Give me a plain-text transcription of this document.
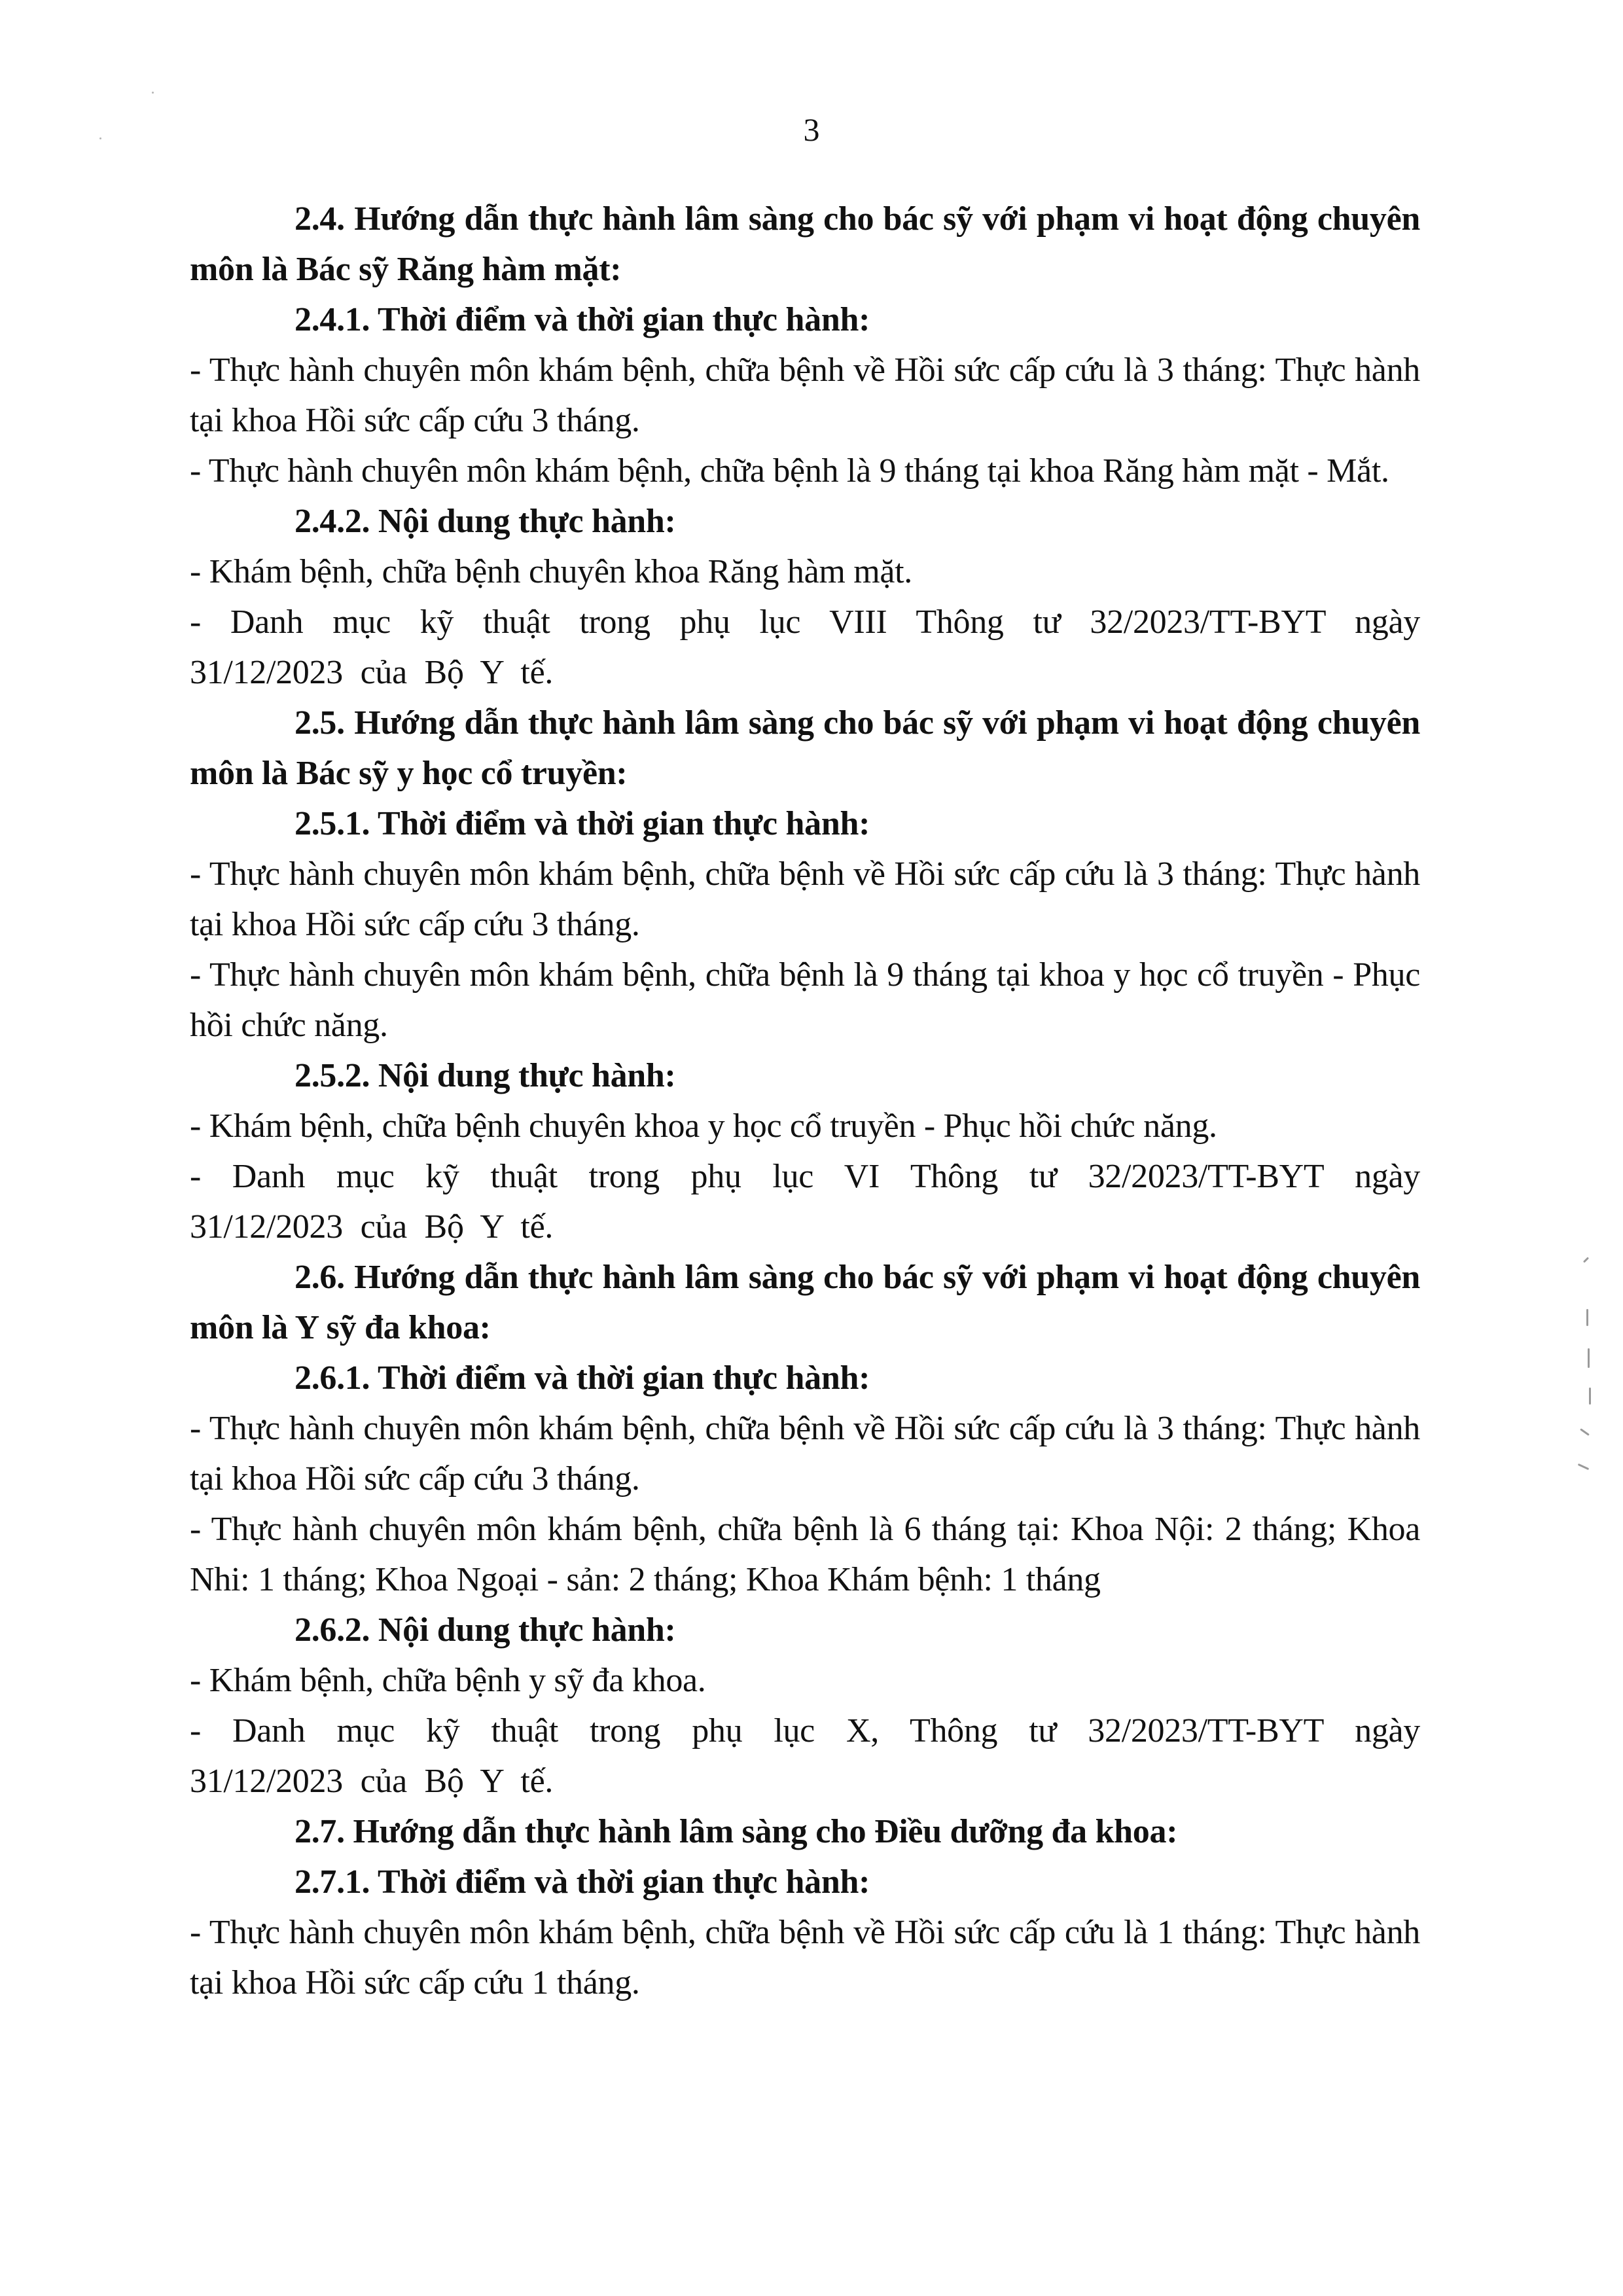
3

2.4. Hướng dẫn thực hành lâm sàng cho bác sỹ với phạm vi hoạt động chuyên môn là Bác sỹ Răng hàm mặt:

2.4.1. Thời điểm và thời gian thực hành:

- Thực hành chuyên môn khám bệnh, chữa bệnh về Hồi sức cấp cứu là 3 tháng: Thực hành tại khoa Hồi sức cấp cứu 3 tháng.

- Thực hành chuyên môn khám bệnh, chữa bệnh là 9 tháng tại khoa Răng hàm mặt - Mắt.

2.4.2. Nội dung thực hành:

- Khám bệnh, chữa bệnh chuyên khoa Răng hàm mặt.

- Danh mục kỹ thuật trong phụ lục VIII Thông tư 32/2023/TT-BYT ngày 31/12/2023 của Bộ Y tế.

2.5. Hướng dẫn thực hành lâm sàng cho bác sỹ với phạm vi hoạt động chuyên môn là Bác sỹ y học cổ truyền:

2.5.1. Thời điểm và thời gian thực hành:

- Thực hành chuyên môn khám bệnh, chữa bệnh về Hồi sức cấp cứu là 3 tháng: Thực hành tại khoa Hồi sức cấp cứu 3 tháng.

- Thực hành chuyên môn khám bệnh, chữa bệnh là 9 tháng tại khoa y học cổ truyền - Phục hồi chức năng.

2.5.2. Nội dung thực hành:

- Khám bệnh, chữa bệnh chuyên khoa y học cổ truyền - Phục hồi chức năng.

- Danh mục kỹ thuật trong phụ lục VI Thông tư 32/2023/TT-BYT ngày 31/12/2023 của Bộ Y tế.

2.6. Hướng dẫn thực hành lâm sàng cho bác sỹ với phạm vi hoạt động chuyên môn là Y sỹ đa khoa:

2.6.1. Thời điểm và thời gian thực hành:

- Thực hành chuyên môn khám bệnh, chữa bệnh về Hồi sức cấp cứu là 3 tháng: Thực hành tại khoa Hồi sức cấp cứu 3 tháng.

- Thực hành chuyên môn khám bệnh, chữa bệnh là 6 tháng tại: Khoa Nội: 2 tháng; Khoa Nhi: 1 tháng; Khoa Ngoại - sản: 2 tháng; Khoa Khám bệnh: 1 tháng

2.6.2. Nội dung thực hành:

- Khám bệnh, chữa bệnh y sỹ đa khoa.

- Danh mục kỹ thuật trong phụ lục X, Thông tư 32/2023/TT-BYT ngày 31/12/2023 của Bộ Y tế.

2.7. Hướng dẫn thực hành lâm sàng cho Điều dưỡng đa khoa:

2.7.1. Thời điểm và thời gian thực hành:

- Thực hành chuyên môn khám bệnh, chữa bệnh về Hồi sức cấp cứu là 1 tháng: Thực hành tại khoa Hồi sức cấp cứu 1 tháng.
